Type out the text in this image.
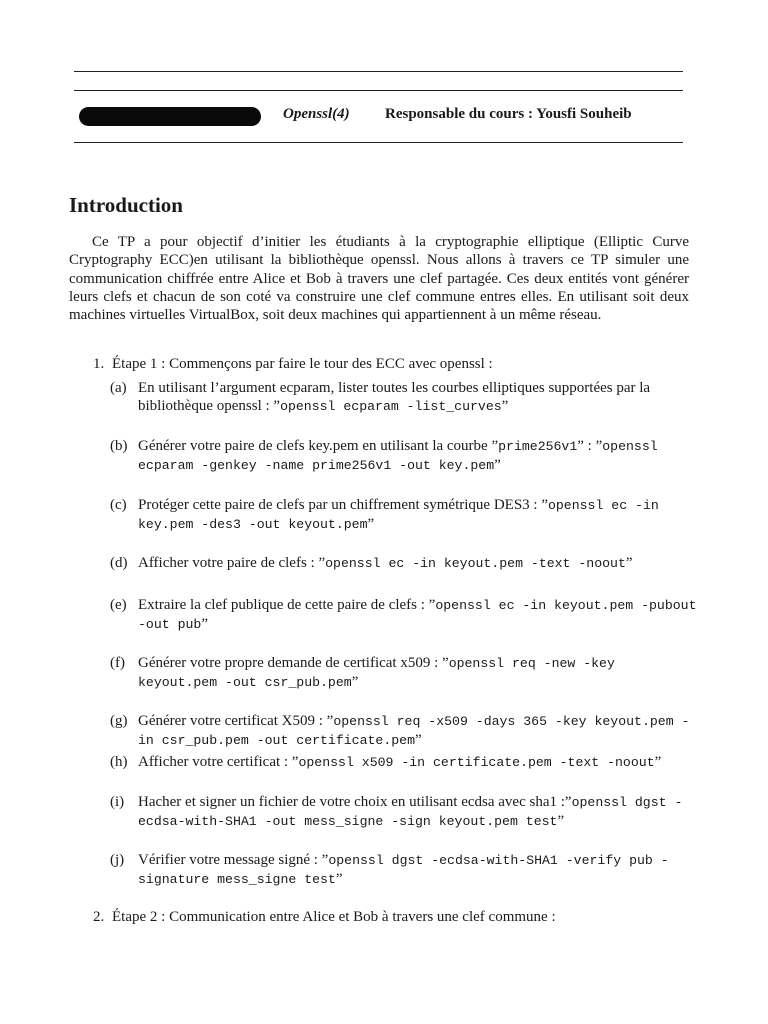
Openssl(4) Responsable du cours : Yousfi Souheib
Introduction

Ce TP a pour objectif d’initier les étudiants à la cryptographie elliptique (Elliptic Curve Cryptography ECC)en utilisant la bibliothèque openssl. Nous allons à travers ce TP simuler une communication chiffrée entre Alice et Bob à travers une clef partagée. Ces deux entités vont générer leurs clefs et chacun de son coté va construire une clef commune entres elles. En utilisant soit deux machines virtuelles VirtualBox, soit deux machines qui appartiennent à un même réseau.

1. Étape 1 : Commençons par faire le tour des ECC avec openssl :
(a) En utilisant l’argument ecparam, lister toutes les courbes elliptiques supportées par la bibliothèque openssl : ”openssl ecparam -list_curves”
(b) Générer votre paire de clefs key.pem en utilisant la courbe ”prime256v1” : ”openssl ecparam -genkey -name prime256v1 -out key.pem”
(c) Protéger cette paire de clefs par un chiffrement symétrique DES3 : ”openssl ec -in key.pem -des3 -out keyout.pem”
(d) Afficher votre paire de clefs : ”openssl ec -in keyout.pem -text -noout”
(e) Extraire la clef publique de cette paire de clefs : ”openssl ec -in keyout.pem -pubout -out pub”
(f) Générer votre propre demande de certificat x509 : ”openssl req -new -key keyout.pem -out csr_pub.pem”
(g) Générer votre certificat X509 : ”openssl req -x509 -days 365 -key keyout.pem -in csr_pub.pem -out certificate.pem”
(h) Afficher votre certificat : ”openssl x509 -in certificate.pem -text -noout”
(i) Hacher et signer un fichier de votre choix en utilisant ecdsa avec sha1 :”openssl dgst -ecdsa-with-SHA1 -out mess_signe -sign keyout.pem test”
(j) Vérifier votre message signé : ”openssl dgst -ecdsa-with-SHA1 -verify pub -signature mess_signe test”
2. Étape 2 : Communication entre Alice et Bob à travers une clef commune :
